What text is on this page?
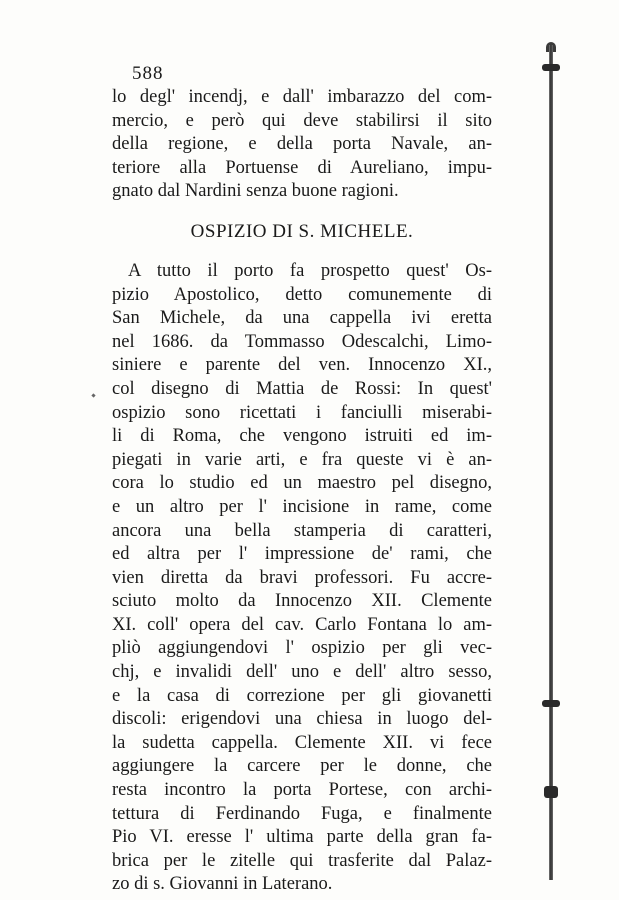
588
lo degl' incendj, e dall' imbarazzo del com-
mercio, e però qui deve stabilirsi il sito
della regione, e della porta Navale, an-
teriore alla Portuense di Aureliano, impu-
gnato dal Nardini senza buone ragioni.
OSPIZIO DI S. MICHELE.
A tutto il porto fa prospetto quest' Os-
pizio Apostolico, detto comunemente di
San Michele, da una cappella ivi eretta
nel 1686. da Tommasso Odescalchi, Limo-
siniere e parente del ven. Innocenzo XI.,
col disegno di Mattia de Rossi: In quest'
ospizio sono ricettati i fanciulli miserabi-
li di Roma, che vengono istruiti ed im-
piegati in varie arti, e fra queste vi è an-
cora lo studio ed un maestro pel disegno,
e un altro per l' incisione in rame, come
ancora una bella stamperia di caratteri,
ed altra per l' impressione de' rami, che
vien diretta da bravi professori. Fu accre-
sciuto molto da Innocenzo XII. Clemente
XI. coll' opera del cav. Carlo Fontana lo am-
pliò aggiungendovi l' ospizio per gli vec-
chj, e invalidi dell' uno e dell' altro sesso,
e la casa di correzione per gli giovanetti
discoli: erigendovi una chiesa in luogo del-
la sudetta cappella. Clemente XII. vi fece
aggiungere la carcere per le donne, che
resta incontro la porta Portese, con archi-
tettura di Ferdinando Fuga, e finalmente
Pio VI. eresse l' ultima parte della gran fa-
brica per le zitelle qui trasferite dal Palaz-
zo di s. Giovanni in Laterano.
